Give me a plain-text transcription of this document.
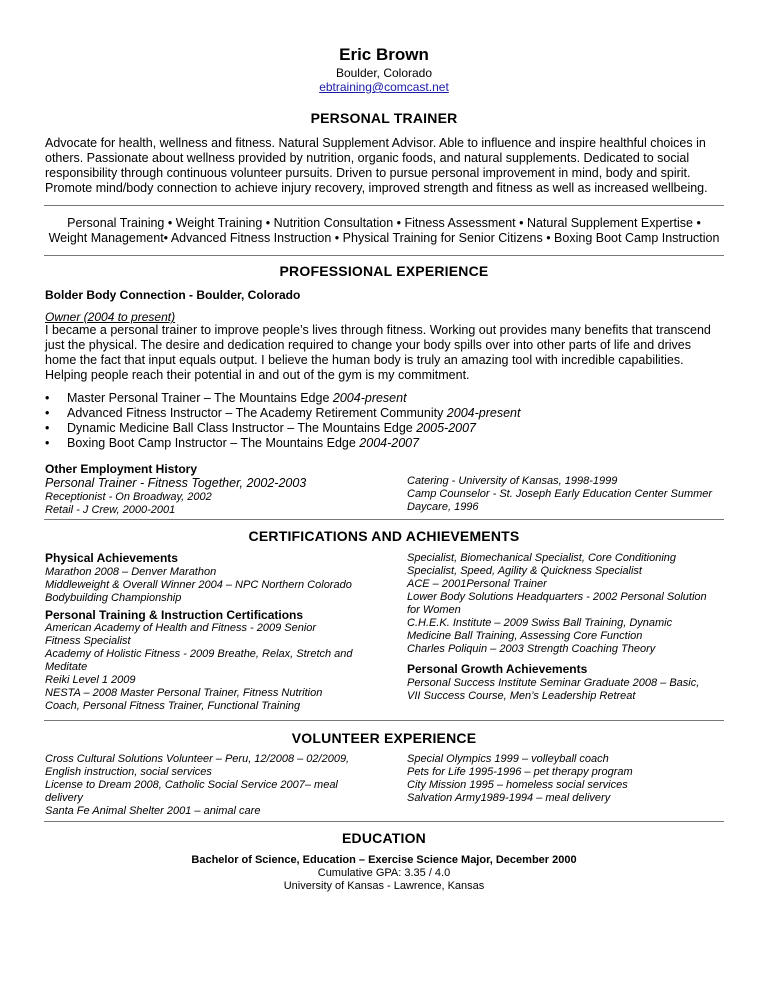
Eric Brown
Boulder, Colorado
ebtraining@comcast.net
PERSONAL TRAINER
Advocate for health, wellness and fitness. Natural Supplement Advisor. Able to influence and inspire healthful choices in
others. Passionate about wellness provided by nutrition, organic foods, and natural supplements. Dedicated to social
responsibility through continuous volunteer pursuits. Driven to pursue personal improvement in mind, body and spirit.
Promote mind/body connection to achieve injury recovery, improved strength and fitness as well as increased wellbeing.
Personal Training • Weight Training • Nutrition Consultation • Fitness Assessment • Natural Supplement Expertise •
Weight Management• Advanced Fitness Instruction • Physical Training for Senior Citizens • Boxing Boot Camp Instruction
PROFESSIONAL EXPERIENCE
Bolder Body Connection - Boulder, Colorado
Owner (2004 to present)
I became a personal trainer to improve people’s lives through fitness. Working out provides many benefits that transcend
just the physical. The desire and dedication required to change your body spills over into other parts of life and drives
home the fact that input equals output. I believe the human body is truly an amazing tool with incredible capabilities.
Helping people reach their potential in and out of the gym is my commitment.
• Master Personal Trainer – The Mountains Edge 2004-present
• Advanced Fitness Instructor – The Academy Retirement Community 2004-present
• Dynamic Medicine Ball Class Instructor – The Mountains Edge 2005-2007
• Boxing Boot Camp Instructor – The Mountains Edge 2004-2007
Other Employment History
Personal Trainer - Fitness Together, 2002-2003
Receptionist - On Broadway, 2002
Retail - J Crew, 2000-2001
Catering - University of Kansas, 1998-1999
Camp Counselor - St. Joseph Early Education Center Summer
Daycare, 1996
CERTIFICATIONS AND ACHIEVEMENTS
Physical Achievements
Marathon 2008 – Denver Marathon
Middleweight & Overall Winner 2004 – NPC Northern Colorado
Bodybuilding Championship
Personal Training & Instruction Certifications
American Academy of Health and Fitness - 2009 Senior
Fitness Specialist
Academy of Holistic Fitness - 2009 Breathe, Relax, Stretch and
Meditate
Reiki Level 1 2009
NESTA – 2008 Master Personal Trainer, Fitness Nutrition
Coach, Personal Fitness Trainer, Functional Training
Specialist, Biomechanical Specialist, Core Conditioning
Specialist, Speed, Agility & Quickness Specialist
ACE – 2001Personal Trainer
Lower Body Solutions Headquarters - 2002 Personal Solution
for Women
C.H.E.K. Institute – 2009 Swiss Ball Training, Dynamic
Medicine Ball Training, Assessing Core Function
Charles Poliquin – 2003 Strength Coaching Theory
Personal Growth Achievements
Personal Success Institute Seminar Graduate 2008 – Basic,
VII Success Course, Men’s Leadership Retreat
VOLUNTEER EXPERIENCE
Cross Cultural Solutions Volunteer – Peru, 12/2008 – 02/2009,
English instruction, social services
License to Dream 2008, Catholic Social Service 2007– meal
delivery
Santa Fe Animal Shelter 2001 – animal care
Special Olympics 1999 – volleyball coach
Pets for Life 1995-1996 – pet therapy program
City Mission 1995 – homeless social services
Salvation Army1989-1994 – meal delivery
EDUCATION
Bachelor of Science, Education – Exercise Science Major, December 2000
Cumulative GPA: 3.35 / 4.0
University of Kansas - Lawrence, Kansas
